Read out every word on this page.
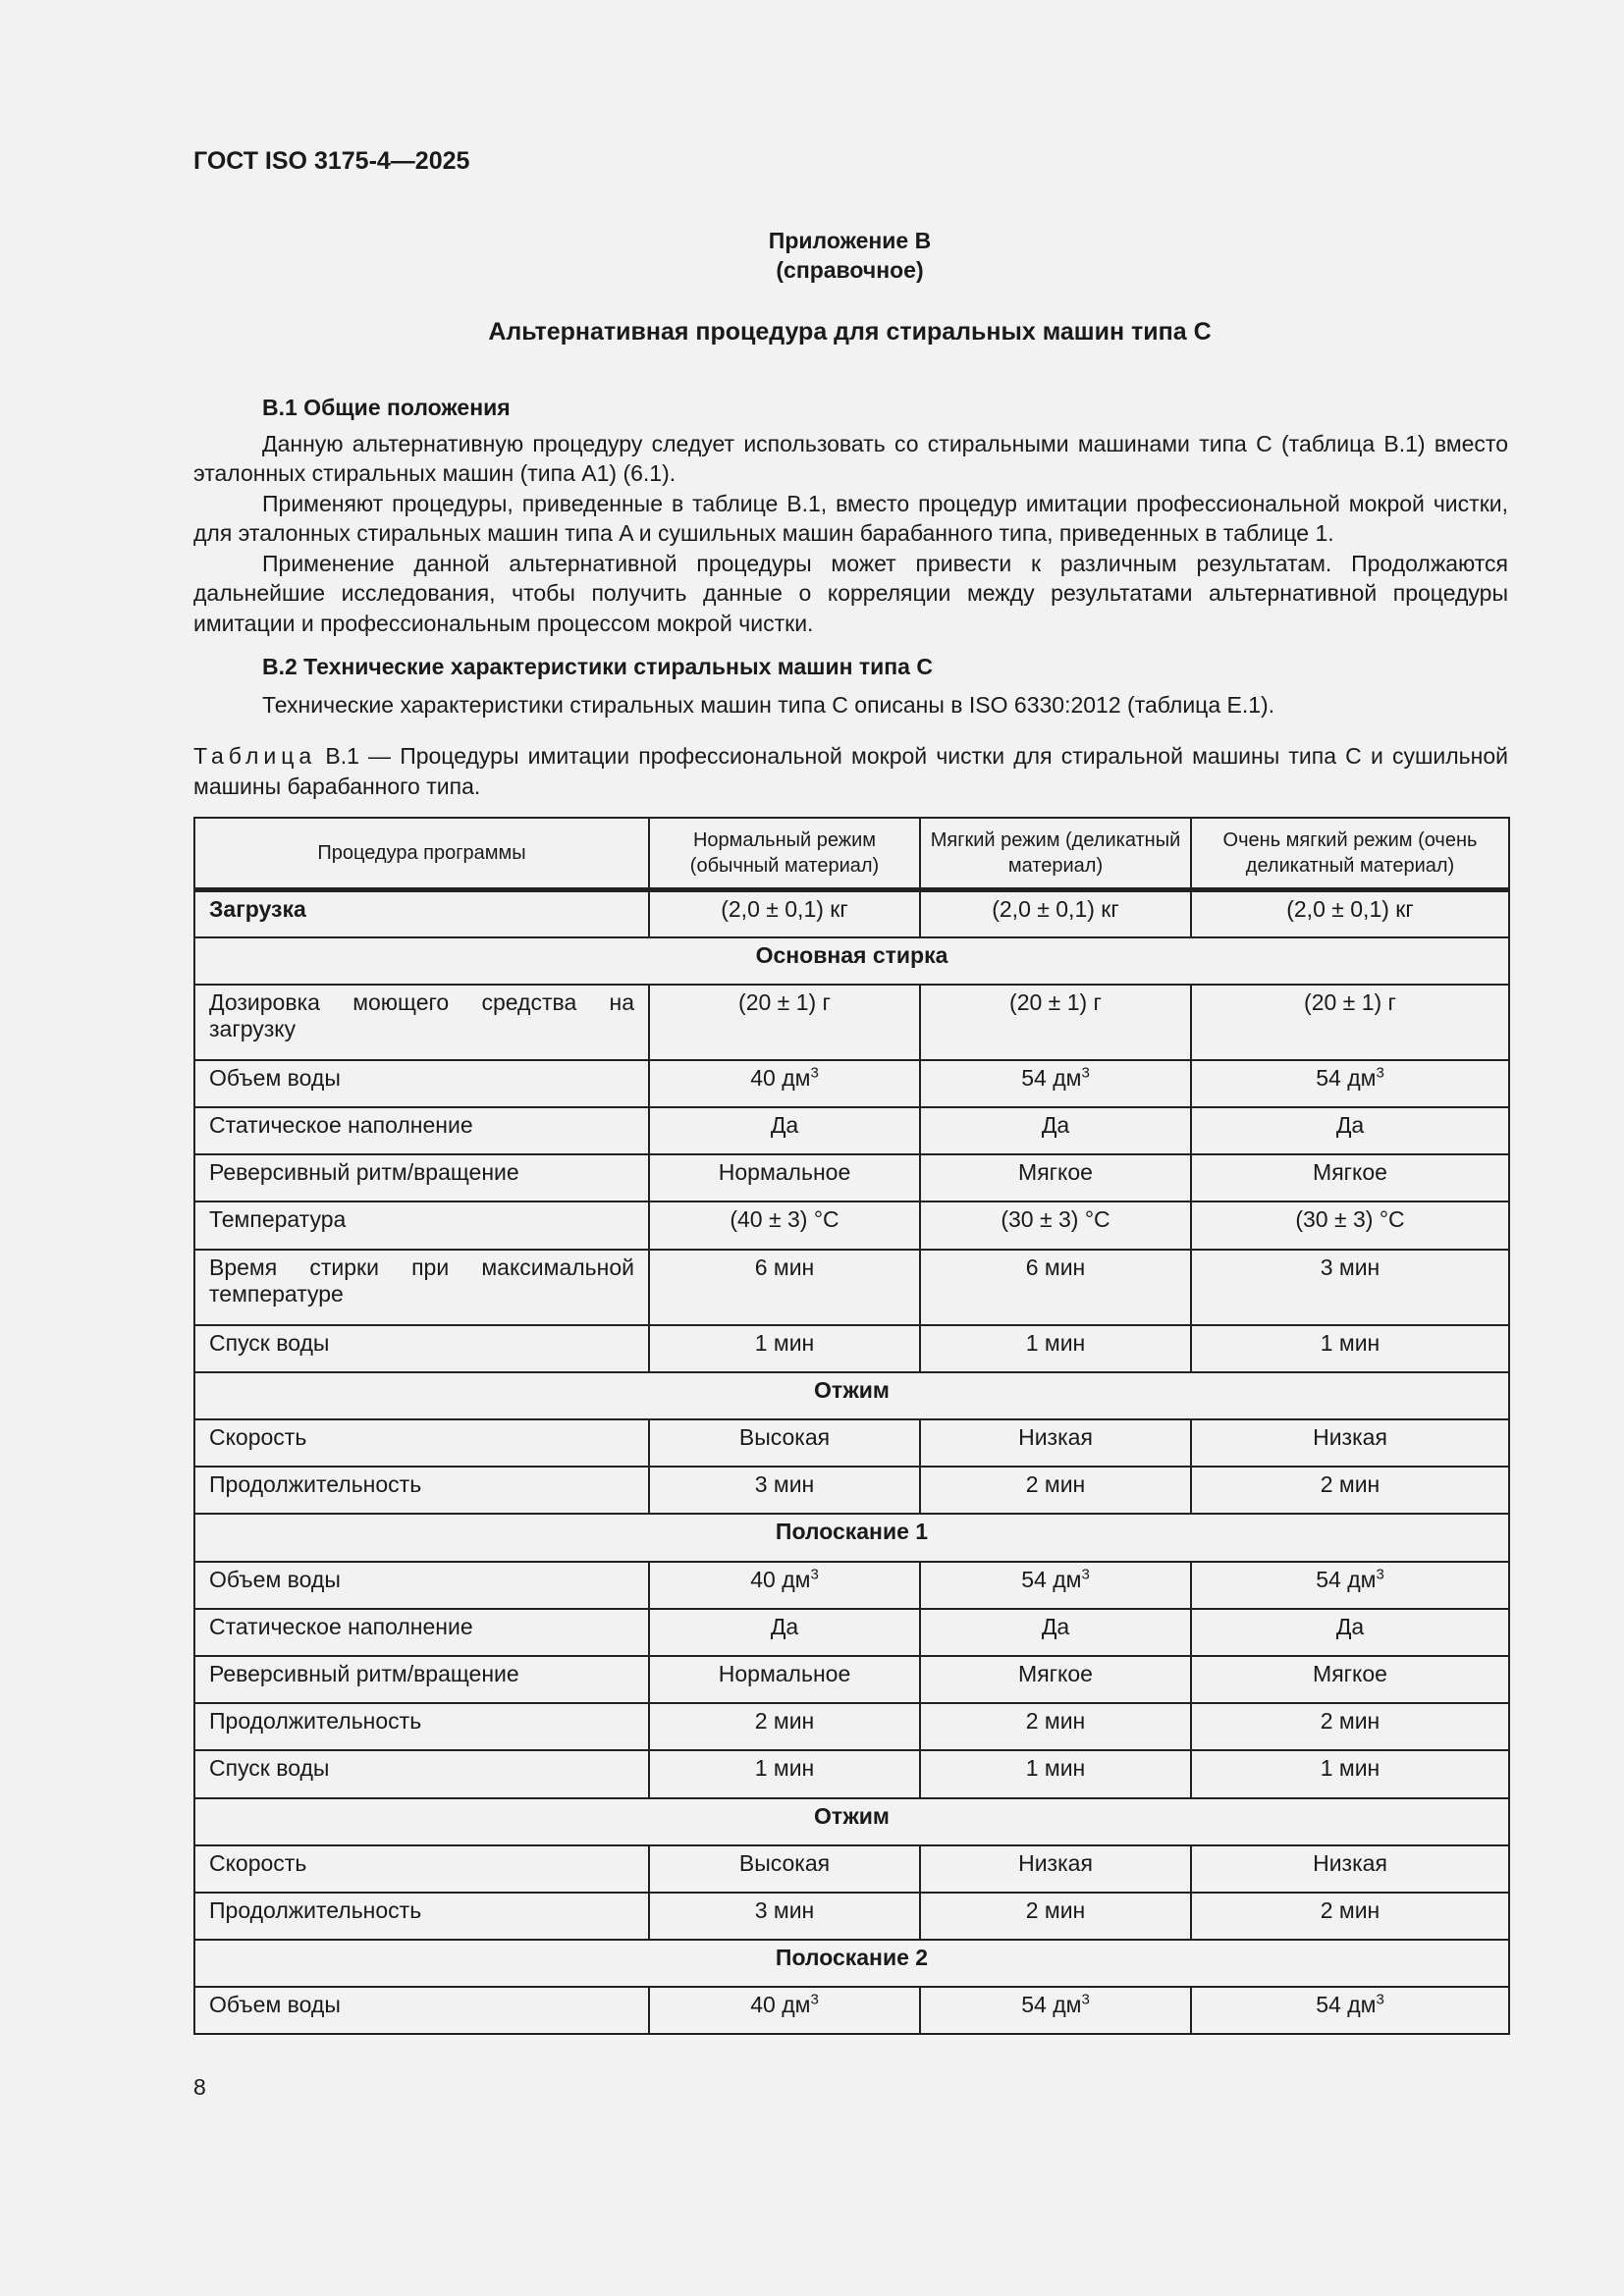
ГОСТ ISO 3175-4—2025
Приложение B
(справочное)
Альтернативная процедура для стиральных машин типа C
B.1 Общие положения

Данную альтернативную процедуру следует использовать со стиральными машинами типа C (таблица B.1) вместо эталонных стиральных машин (типа A1) (6.1).

Применяют процедуры, приведенные в таблице B.1, вместо процедур имитации профессиональной мокрой чистки, для эталонных стиральных машин типа A и сушильных машин барабанного типа, приведенных в таблице 1.

Применение данной альтернативной процедуры может привести к различным результатам. Продолжаются дальнейшие исследования, чтобы получить данные о корреляции между результатами альтернативной процедуры имитации и профессиональным процессом мокрой чистки.

B.2 Технические характеристики стиральных машин типа C

Технические характеристики стиральных машин типа C описаны в ISO 6330:2012 (таблица E.1).

Таблица B.1 — Процедуры имитации профессиональной мокрой чистки для стиральной машины типа C и сушильной машины барабанного типа.

Процедура программы	Нормальный режим (обычный материал)	Мягкий режим (деликатный материал)	Очень мягкий режим (очень деликатный материал)
Загрузка	(2,0 ± 0,1) кг	(2,0 ± 0,1) кг	(2,0 ± 0,1) кг
Основная стирка			
Дозировка моющего средства на загрузку	(20 ± 1) г	(20 ± 1) г	(20 ± 1) г
Объем воды	40 $дм^3$	54 $дм^3$	54 $дм^3$
Статическое наполнение	Да	Да	Да
Реверсивный ритм/вращение	Нормальное	Мягкое	Мягкое
Температура	(40 ± 3) °C	(30 ± 3) °C	(30 ± 3) °C
Время стирки при максимальной температуре	6 мин	6 мин	3 мин
Спуск воды	1 мин	1 мин	1 мин
Отжим			
Скорость	Высокая	Низкая	Низкая
Продолжительность	3 мин	2 мин	2 мин
Полоскание 1			
Объем воды	40 $дм^3$	54 $дм^3$	54 $дм^3$
Статическое наполнение	Да	Да	Да
Реверсивный ритм/вращение	Нормальное	Мягкое	Мягкое
Продолжительность	2 мин	2 мин	2 мин
Спуск воды	1 мин	1 мин	1 мин
Отжим			
Скорость	Высокая	Низкая	Низкая
Продолжительность	3 мин	2 мин	2 мин
Полоскание 2			
Объем воды	40 $дм^3$	54 $дм^3$	54 $дм^3$
8
